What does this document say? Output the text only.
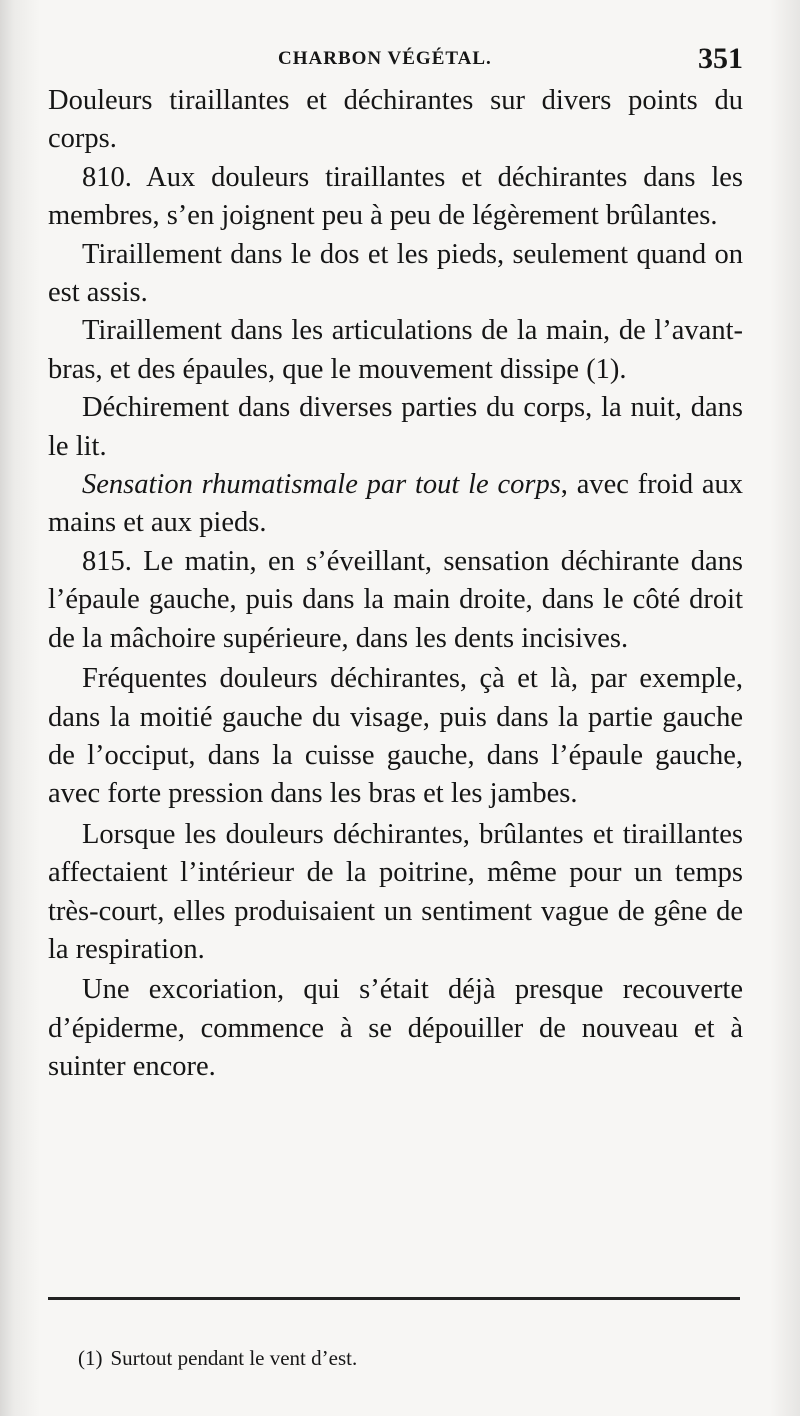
CHARBON VÉGÉTAL.	351

Douleurs tiraillantes et déchirantes sur divers points du corps.

810. Aux douleurs tiraillantes et déchirantes dans les membres, s’en joignent peu à peu de légèrement brûlantes.

Tiraillement dans le dos et les pieds, seulement quand on est assis.

Tiraillement dans les articulations de la main, de l’avant-bras, et des épaules, que le mouvement dissipe (1).

Déchirement dans diverses parties du corps, la nuit, dans le lit.

Sensation rhumatismale par tout le corps, avec froid aux mains et aux pieds.

815. Le matin, en s’éveillant, sensation déchirante dans l’épaule gauche, puis dans la main droite, dans le côté droit de la mâchoire supérieure, dans les dents incisives.

Fréquentes douleurs déchirantes, çà et là, par exemple, dans la moitié gauche du visage, puis dans la partie gauche de l’occiput, dans la cuisse gauche, dans l’épaule gauche, avec forte pression dans les bras et les jambes.

Lorsque les douleurs déchirantes, brûlantes et tiraillantes affectaient l’intérieur de la poitrine, même pour un temps très-court, elles produisaient un sentiment vague de gêne de la respiration.

Une excoriation, qui s’était déjà presque recouverte d’épiderme, commence à se dépouiller de nouveau et à suinter encore.

(1) Surtout pendant le vent d’est.
